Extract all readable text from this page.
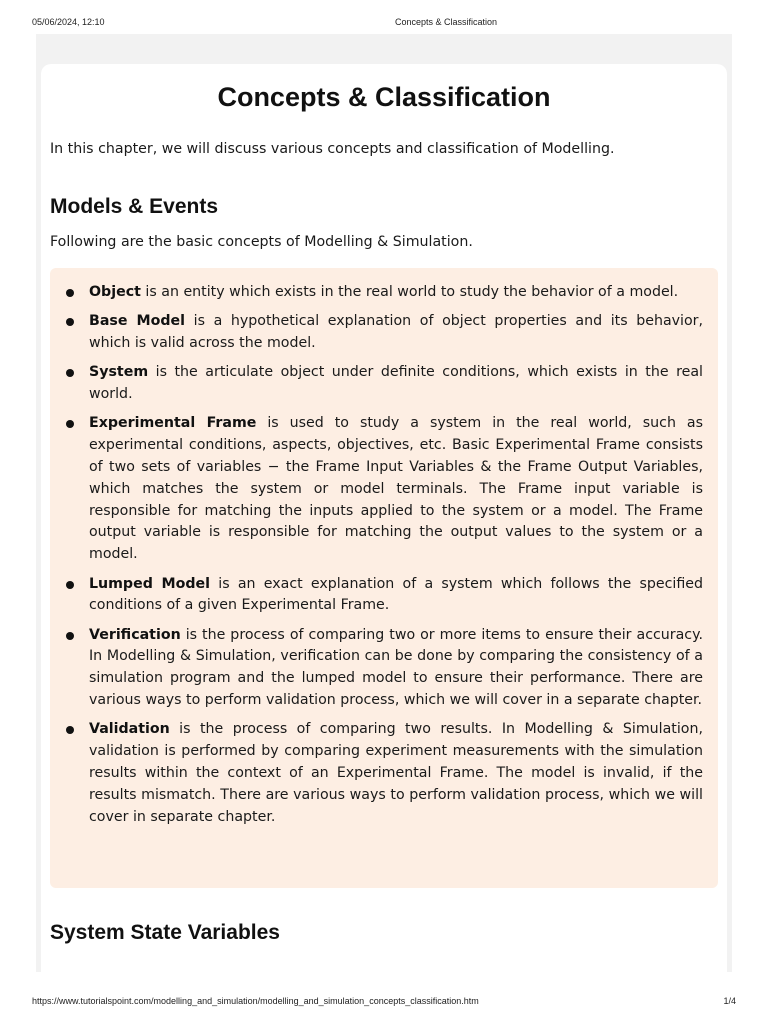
05/06/2024, 12:10	Concepts & Classification
Concepts & Classification

In this chapter, we will discuss various concepts and classification of Modelling.

Models & Events

Following are the basic concepts of Modelling & Simulation.

Object is an entity which exists in the real world to study the behavior of a model.
Base Model is a hypothetical explanation of object properties and its behavior, which is valid across the model.
System is the articulate object under definite conditions, which exists in the real world.
Experimental Frame is used to study a system in the real world, such as experimental conditions, aspects, objectives, etc. Basic Experimental Frame consists of two sets of variables − the Frame Input Variables & the Frame Output Variables, which matches the system or model terminals. The Frame input variable is responsible for matching the inputs applied to the system or a model. The Frame output variable is responsible for matching the output values to the system or a model.
Lumped Model is an exact explanation of a system which follows the specified conditions of a given Experimental Frame.
Verification is the process of comparing two or more items to ensure their accuracy. In Modelling & Simulation, verification can be done by comparing the consistency of a simulation program and the lumped model to ensure their performance. There are various ways to perform validation process, which we will cover in a separate chapter.
Validation is the process of comparing two results. In Modelling & Simulation, validation is performed by comparing experiment measurements with the simulation results within the context of an Experimental Frame. The model is invalid, if the results mismatch. There are various ways to perform validation process, which we will cover in separate chapter.
System State Variables
https://www.tutorialspoint.com/modelling_and_simulation/modelling_and_simulation_concepts_classification.htm	1/4
